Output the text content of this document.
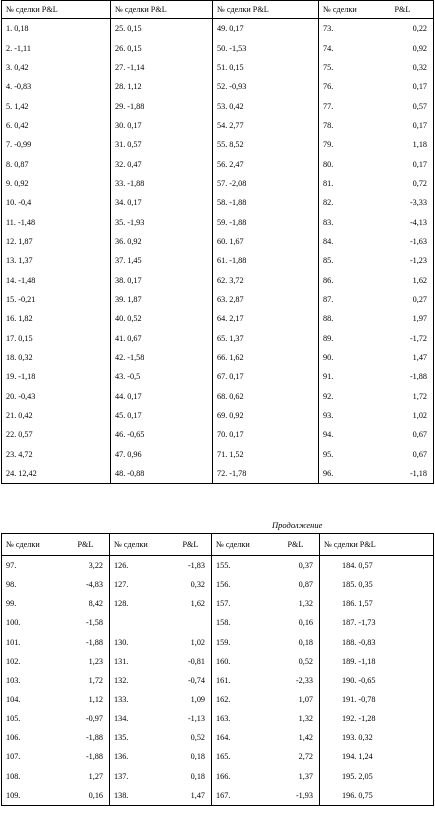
№ сделки P&L	№ сделки P&L	№ сделки P&L	№ сделки	P&L
1. 0,18	25. 0,15	49. 0,17	73.	0,22
2. -1,11	26. 0,15	50. -1,53	74.	0,92
3. 0,42	27. -1,14	51. 0,15	75.	0,32
4. -0,83	28. 1,12	52. -0,93	76.	0,17
5. 1,42	29. -1,88	53. 0,42	77.	0,57
6. 0,42	30. 0,17	54. 2,77	78.	0,17
7. -0,99	31. 0,57	55. 8,52	79.	1,18
8. 0,87	32. 0,47	56. 2,47	80.	0,17
9. 0,92	33. -1,88	57. -2,08	81.	0,72
10. -0,4	34. 0,17	58. -1,88	82.	-3,33
11. -1,48	35. -1,93	59. -1,88	83.	-4,13
12. 1,87	36. 0,92	60. 1,67	84.	-1,63
13. 1,37	37. 1,45	61. -1,88	85.	-1,23
14. -1,48	38. 0,17	62. 3,72	86.	1,62
15. -0,21	39. 1,87	63. 2,87	87.	0,27
16. 1,82	40. 0,52	64. 2,17	88.	1,97
17. 0,15	41. 0,67	65. 1,37	89.	-1,72
18. 0,32	42. -1,58	66. 1,62	90.	1,47
19. -1,18	43. -0,5	67. 0,17	91.	-1,88
20. -0,43	44. 0,17	68. 0,62	92.	1,72
21. 0,42	45. 0,17	69. 0,92	93.	1,02
22. 0,57	46. -0,65	70. 0,17	94.	0,67
23. 4,72	47. 0,96	71. 1,52	95.	0,67
24. 12,42	48. -0,88	72. -1,78	96.	-1,18
Продолжение
№ сделки	P&L	№ сделки	P&L	№ сделки	P&L	№ сделки P&L
97.	3,22	126.	-1,83	155.	0,37	184. 0,57
98.	-4,83	127.	0,32	156.	0,87	185. 0,35
99.	8,42	128.	1,62	157.	1,32	186. 1,57
100.	-1,58			158.	0,16	187. -1,73
101.	-1,88	130.	1,02	159.	0,18	188. -0,83
102.	1,23	131.	-0,81	160.	0,52	189. -1,18
103.	1,72	132.	-0,74	161.	-2,33	190. -0,65
104.	1,12	133.	1,09	162.	1,07	191. -0,78
105.	-0,97	134.	-1,13	163.	1,32	192. -1,28
106.	-1,88	135.	0,52	164.	1,42	193. 0,32
107.	-1,88	136.	0,18	165.	2,72	194. 1,24
108.	1,27	137.	0,18	166.	1,37	195. 2,05
109.	0,16	138.	1,47	167.	-1,93	196. 0,75
